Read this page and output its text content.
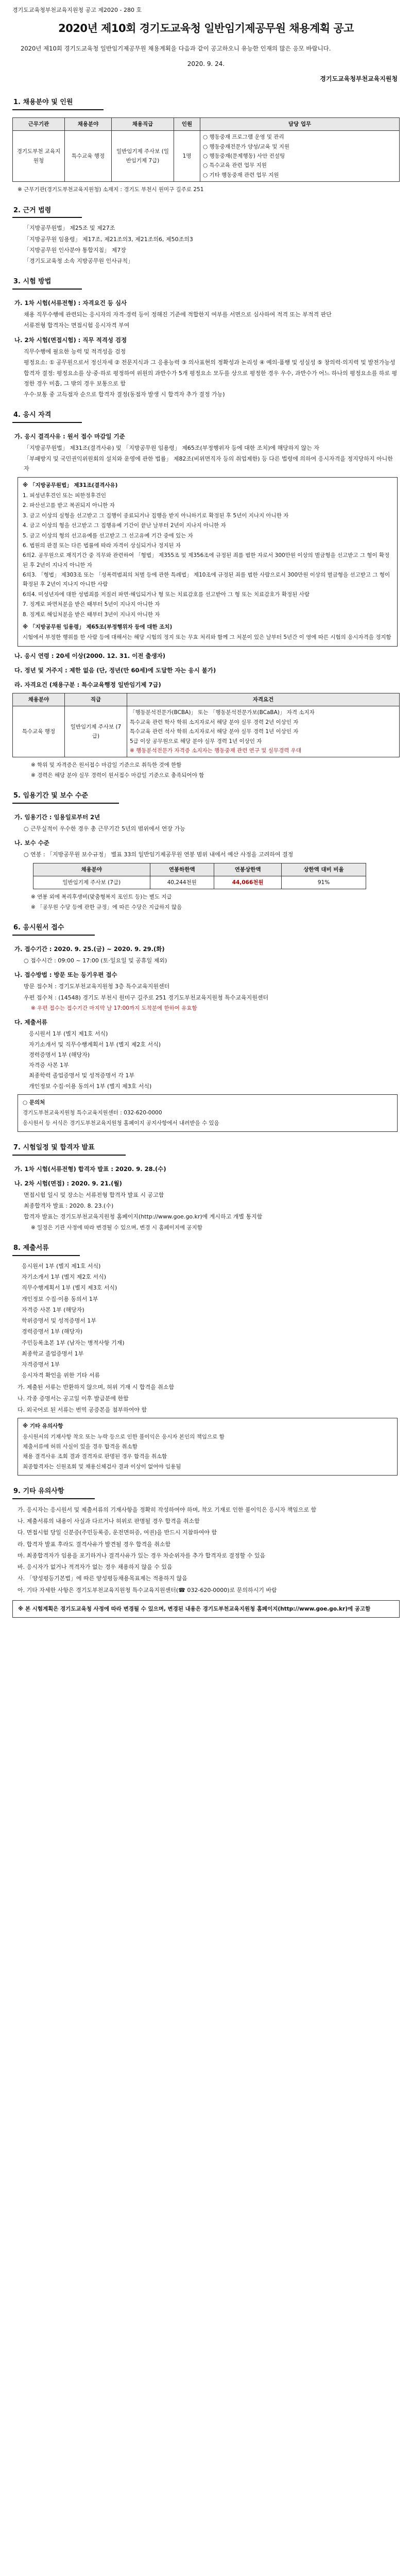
경기도교육청부천교육지원청 공고 제2020 - 280 호
2020년 제10회 경기도교육청 일반임기제공무원 채용계획 공고
2020년 제10회 경기도교육청 일반임기제공무원 채용계획을 다음과 같이 공고하오니 유능한 인재의 많은 응모 바랍니다.
2020. 9. 24.
경기도교육청부천교육지원청
1. 채용분야 및 인원
근무기관	채용분야	채용직급	인원	담당 업무
경기도부천 교육지원청	특수교육 행정	일반임기제 주사보 (일반임기제 7급)	1명	○ 행동중재 프로그램 운영 및 관리
○ 행동중재전문가 양성/교육 및 지원
○ 행동중재(문제행동) 사안 컨설팅
○ 특수교육 관련 업무 지원
○ 기타 행동중재 관련 업무 지원
※ 근무기관(경기도부천교육지원청) 소재지 : 경기도 부천시 원미구 길주로 251
2. 근거 법령
「지방공무원법」 제25조 및 제27조
「지방공무원 임용령」 제17조, 제21조의3, 제21조의6, 제50조의3
「지방공무원 인사분야 통합지침」 제7장
「경기도교육청 소속 지방공무원 인사규칙」
3. 시험 방법
가. 1차 시험(서류전형) : 자격요건 등 심사
채용 직무수행에 관련되는 응시자의 자격·경력 등이 정해진 기준에 적합한지 여부를 서면으로 심사하여 적격 또는 부적격 판단
서류전형 합격자는 면접시험 응시자격 부여
나. 2차 시험(면접시험) : 직무 적격성 검정
직무수행에 필요한 능력 및 적격성을 검정
평정요소: ① 공무원으로서 정신자세 ② 전문지식과 그 응용능력 ③ 의사표현의 정확성과 논리성 ④ 예의·품행 및 성실성 ⑤ 창의력·의지력 및 발전가능성
합격자 결정: 평정요소를 상·중·하로 평정하여 위원의 과반수가 5개 평정요소 모두를 상으로 평정한 경우 우수, 과반수가 어느 하나의 평정요소를 하로 평정한 경우 미흡, 그 밖의 경우 보통으로 함
우수·보통 중 고득점자 순으로 합격자 결정(동점자 발생 시 합격자 추가 결정 가능)
4. 응시 자격
가. 응시 결격사유 : 원서 접수 마감일 기준
「지방공무원법」 제31조(결격사유) 및 「지방공무원 임용령」 제65조(부정행위자 등에 대한 조치)에 해당하지 않는 자
「부패방지 및 국민권익위원회의 설치와 운영에 관한 법률」 제82조(비위면직자 등의 취업제한) 등 다른 법령에 의하여 응시자격을 정지당하지 아니한 자
※ 「지방공무원법」 제31조(결격사유)
1. 피성년후견인 또는 피한정후견인
2. 파산선고를 받고 복권되지 아니한 자
3. 금고 이상의 실형을 선고받고 그 집행이 종료되거나 집행을 받지 아니하기로 확정된 후 5년이 지나지 아니한 자
4. 금고 이상의 형을 선고받고 그 집행유예 기간이 끝난 날부터 2년이 지나지 아니한 자
5. 금고 이상의 형의 선고유예를 선고받고 그 선고유예 기간 중에 있는 자
6. 법원의 판결 또는 다른 법률에 따라 자격이 상실되거나 정지된 자
6의2. 공무원으로 재직기간 중 직무와 관련하여 「형법」 제355조 및 제356조에 규정된 죄를 범한 자로서 300만원 이상의 벌금형을 선고받고 그 형이 확정된 후 2년이 지나지 아니한 자
6의3. 「형법」 제303조 또는 「성폭력범죄의 처벌 등에 관한 특례법」 제10조에 규정된 죄를 범한 사람으로서 300만원 이상의 벌금형을 선고받고 그 형이 확정된 후 2년이 지나지 아니한 사람
6의4. 미성년자에 대한 성범죄를 저질러 파면·해임되거나 형 또는 치료감호를 선고받아 그 형 또는 치료감호가 확정된 사람
7. 징계로 파면처분을 받은 때부터 5년이 지나지 아니한 자
8. 징계로 해임처분을 받은 때부터 3년이 지나지 아니한 자
※ 「지방공무원 임용령」 제65조(부정행위자 등에 대한 조치)
시험에서 부정한 행위를 한 사람 등에 대해서는 해당 시험의 정지 또는 무효 처리와 함께 그 처분이 있은 날부터 5년간 이 영에 따른 시험의 응시자격을 정지함
나. 응시 연령 : 20세 이상(2000. 12. 31. 이전 출생자)
다. 정년 및 거주지 : 제한 없음 (단, 정년(만 60세)에 도달한 자는 응시 불가)
라. 자격요건 (채용구분 : 특수교육행정 일반임기제 7급)
채용분야	직급	자격요건
특수교육 행정	일반임기제 주사보 (7급)	「행동분석전문가(BCBA)」 또는 「행동분석전문가보(BCaBA)」 자격 소지자
특수교육 관련 학사 학위 소지자로서 해당 분야 실무 경력 2년 이상인 자
특수교육 관련 석사 학위 소지자로서 해당 분야 실무 경력 1년 이상인 자
5급 이상 공무원으로 해당 분야 실무 경력 1년 이상인 자
※ 행동분석전문가 자격증 소지자는 행동중재 관련 연구 및 실무경력 우대
※ 학위 및 자격증은 원서접수 마감일 기준으로 취득한 것에 한함
※ 경력은 해당 분야 실무 경력이 원서접수 마감일 기준으로 충족되어야 함
5. 임용기간 및 보수 수준
가. 임용기간 : 임용일로부터 2년
○ 근무실적이 우수한 경우 총 근무기간 5년의 범위에서 연장 가능
나. 보수 수준
○ 연봉 : 「지방공무원 보수규정」 별표 33의 일반임기제공무원 연봉 범위 내에서 예산 사정을 고려하여 결정
채용분야	연봉하한액	연봉상한액	상한액 대비 비율
일반임기제 주사보 (7급)	40,244천원	44,066천원	91%
※ 연봉 외에 복리후생비(맞춤형복지 포인트 등)는 별도 지급
※ 「공무원 수당 등에 관한 규정」에 따른 수당은 지급하지 않음
6. 응시원서 접수
가. 접수기간 : 2020. 9. 25.(금) ~ 2020. 9. 29.(화)
○ 접수시간 : 09:00 ~ 17:00 (토·일요일 및 공휴일 제외)
나. 접수방법 : 방문 또는 등기우편 접수
방문 접수처 : 경기도부천교육지원청 3층 특수교육지원센터
우편 접수처 : (14548) 경기도 부천시 원미구 길주로 251 경기도부천교육지원청 특수교육지원센터
※ 우편 접수는 접수기간 마지막 날 17:00까지 도착분에 한하여 유효함
다. 제출서류
응시원서 1부 (별지 제1호 서식)
자기소개서 및 직무수행계획서 1부 (별지 제2호 서식)
경력증명서 1부 (해당자)
자격증 사본 1부
최종학력 졸업증명서 및 성적증명서 각 1부
개인정보 수집·이용 동의서 1부 (별지 제3호 서식)
○ 문의처
경기도부천교육지원청 특수교육지원센터 : 032-620-0000
응시원서 등 서식은 경기도부천교육지원청 홈페이지 공지사항에서 내려받을 수 있음
7. 시험일정 및 합격자 발표
가. 1차 시험(서류전형) 합격자 발표 : 2020. 9. 28.(수)
나. 2차 시험(면접) : 2020. 9. 21.(월)
면접시험 일시 및 장소는 서류전형 합격자 발표 시 공고함
최종합격자 발표 : 2020. 8. 23.(수)
합격자 발표는 경기도부천교육지원청 홈페이지(http://www.goe.go.kr)에 게시하고 개별 통지함
※ 일정은 기관 사정에 따라 변경될 수 있으며, 변경 시 홈페이지에 공지함
8. 제출서류
응시원서 1부 (별지 제1호 서식)
자기소개서 1부 (별지 제2호 서식)
직무수행계획서 1부 (별지 제3호 서식)
개인정보 수집·이용 동의서 1부
자격증 사본 1부 (해당자)
학위증명서 및 성적증명서 1부
경력증명서 1부 (해당자)
주민등록초본 1부 (남자는 병적사항 기재)
최종학교 졸업증명서 1부
자격증명서 1부
응시자격 확인을 위한 기타 서류
가. 제출된 서류는 반환하지 않으며, 허위 기재 시 합격을 취소함
나. 각종 증명서는 공고일 이후 발급분에 한함
다. 외국어로 된 서류는 번역 공증본을 첨부하여야 함
※ 기타 유의사항
응시원서의 기재사항 착오 또는 누락 등으로 인한 불이익은 응시자 본인의 책임으로 함
제출서류에 허위 사실이 있을 경우 합격을 취소함
채용 결격사유 조회 결과 결격자로 판명된 경우 합격을 취소함
최종합격자는 신원조회 및 채용신체검사 결과 이상이 없어야 임용됨
9. 기타 유의사항
가. 응시자는 응시원서 및 제출서류의 기재사항을 정확히 작성하여야 하며, 착오 기재로 인한 불이익은 응시자 책임으로 함
나. 제출서류의 내용이 사실과 다르거나 허위로 판명될 경우 합격을 취소함
다. 면접시험 당일 신분증(주민등록증, 운전면허증, 여권)을 반드시 지참하여야 함
라. 합격자 발표 후라도 결격사유가 발견될 경우 합격을 취소함
마. 최종합격자가 임용을 포기하거나 결격사유가 있는 경우 차순위자를 추가 합격자로 결정할 수 있음
바. 응시자가 없거나 적격자가 없는 경우 채용하지 않을 수 있음
사. 「양성평등기본법」에 따른 양성평등채용목표제는 적용하지 않음
아. 기타 자세한 사항은 경기도부천교육지원청 특수교육지원센터(☎ 032-620-0000)로 문의하시기 바람
※ 본 시험계획은 경기도교육청 사정에 따라 변경될 수 있으며, 변경된 내용은 경기도부천교육지원청 홈페이지(http://www.goe.go.kr)에 공고함
